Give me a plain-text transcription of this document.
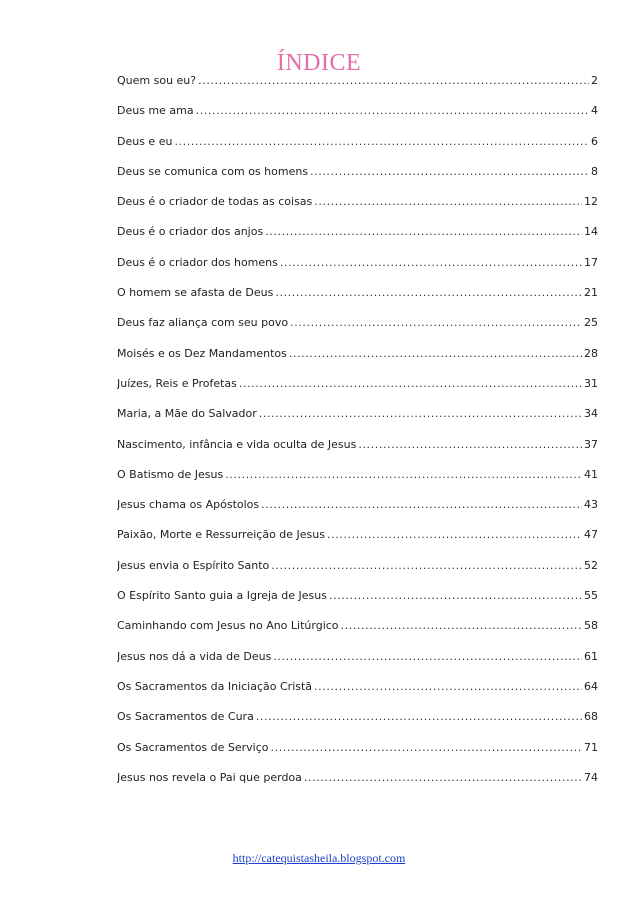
ÍNDICE
Quem sou eu? .....	2
Deus me ama .....	4
Deus e eu .....	6
Deus se comunica com os homens .....	8
Deus é o criador de todas as coisas .....	12
Deus é o criador dos anjos .....	14
Deus é o criador dos homens .....	17
O homem se afasta de Deus .....	21
Deus faz aliança com seu povo .....	25
Moisés e os Dez Mandamentos .....	28
Juízes, Reis e Profetas .....	31
Maria, a Mãe do Salvador .....	34
Nascimento, infância e vida oculta de Jesus .....	37
O Batismo de Jesus .....	41
Jesus chama os Apóstolos .....	43
Paixão, Morte e Ressurreição de Jesus .....	47
Jesus envia o Espírito Santo .....	52
O Espírito Santo guia a Igreja de Jesus .....	55
Caminhando com Jesus no Ano Litúrgico .....	58
Jesus nos dá a vida de Deus .....	61
Os Sacramentos da Iniciação Cristã .....	64
Os Sacramentos de Cura .....	68
Os Sacramentos de Serviço .....	71
Jesus nos revela o Pai que perdoa .....	74
http://catequistasheila.blogspot.com
